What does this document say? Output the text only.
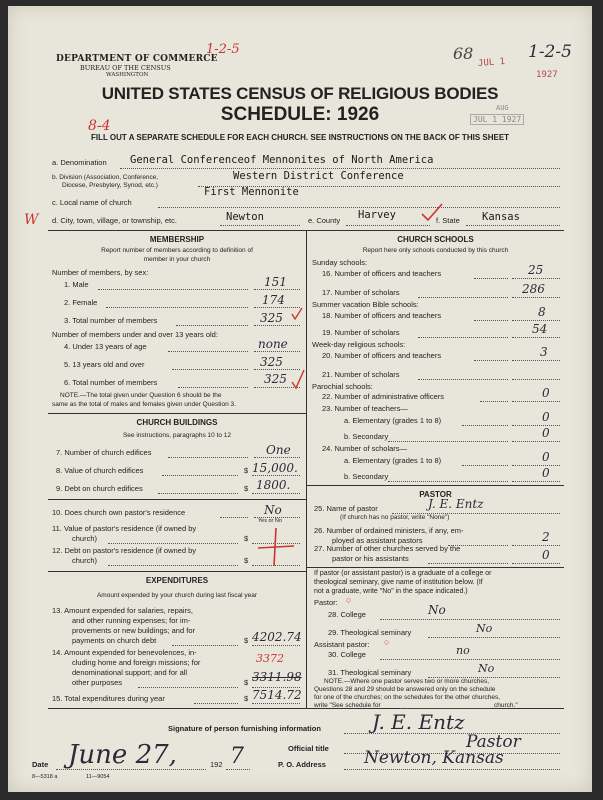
DEPARTMENT OF COMMERCE
BUREAU OF THE CENSUS
WASHINGTON
1-2-5	68	1-2-5
JUL 1
1927
UNITED STATES CENSUS OF RELIGIOUS BODIES
SCHEDULE: 1926	AUG
JUL 1 1927
8-4
FILL OUT A SEPARATE SCHEDULE FOR EACH CHURCH. SEE INSTRUCTIONS ON THE BACK OF THIS SHEET
a. Denomination General Conferenceof Mennonites of North America
b. Division (Association, Conference,
Diocese, Presbytery, Synod, etc.)
Western District Conference
First Mennonite
c. Local name of church
W d. City, town, village, or township, etc.	Newton	e. County Harvey	f. State Kansas
MEMBERSHIP
Report number of members according to definition of
member in your church
Number of members, by sex:
1. Male	151
2. Female	174
3. Total number of members	325
Number of members under and over 13 years old:
4. Under 13 years of age	none
5. 13 years old and over	325
6. Total number of members	325
NOTE.—The total given under Question 6 should be the
same as the total of males and females given under Question 3.
CHURCH BUILDINGS
See instructions, paragraphs 10 to 12
7. Number of church edifices	One
8. Value of church edifices	$ 15,000.
9. Debt on church edifices	$ 1800.
10. Does church own pastor's residence	No
Yes or No
11. Value of pastor's residence (if owned by
church)	$
12. Debt on pastor's residence (if owned by
church)	$
EXPENDITURES
Amount expended by your church during last fiscal year
13. Amount expended for salaries, repairs,
and other running expenses; for im-
provements or new buildings; and for
payments on church debt	$ 4202.74
3372
14. Amount expended for benevolences, in-
cluding home and foreign missions; for
denominational support; and for all
other purposes	$ 3311.98
15. Total expenditures during year	$ 7514.72
CHURCH SCHOOLS
Report here only schools conducted by this church
Sunday schools:
16. Number of officers and teachers	25
17. Number of scholars	286
Summer vacation Bible schools:
18. Number of officers and teachers	8
19. Number of scholars	54
Week-day religious schools:
20. Number of officers and teachers	3
21. Number of scholars
Parochial schools:
22. Number of administrative officers	0
23. Number of teachers—
a. Elementary (grades 1 to 8)	0
b. Secondary	0
24. Number of scholars—
a. Elementary (grades 1 to 8)	0
b. Secondary	0
PASTOR
25. Name of pastor	J. E. Entz
(If church has no pastor, write "None")
26. Number of ordained ministers, if any, em-
ployed as assistant pastors	2
27. Number of other churches served by the
pastor or his assistants	0
If pastor (or assistant pastor) is a graduate of a college or
theological seminary, give name of institution below. (If
not a graduate, write "No" in the space indicated.)
Pastor: ○
28. College	No
29. Theological seminary	No
Assistant pastor: ○
30. College	no
31. Theological seminary	No
NOTE.—Where one pastor serves two or more churches,
Questions 28 and 29 should be answered only on the schedule
for one of the churches; on the schedules for the other churches,
write "See schedule for	church."
Signature of person furnishing information	J. E. Entz
Official title	Pastor
Date June 27,	192 7	P. O. Address Newton, Kansas
8—5318 a	11—9054
